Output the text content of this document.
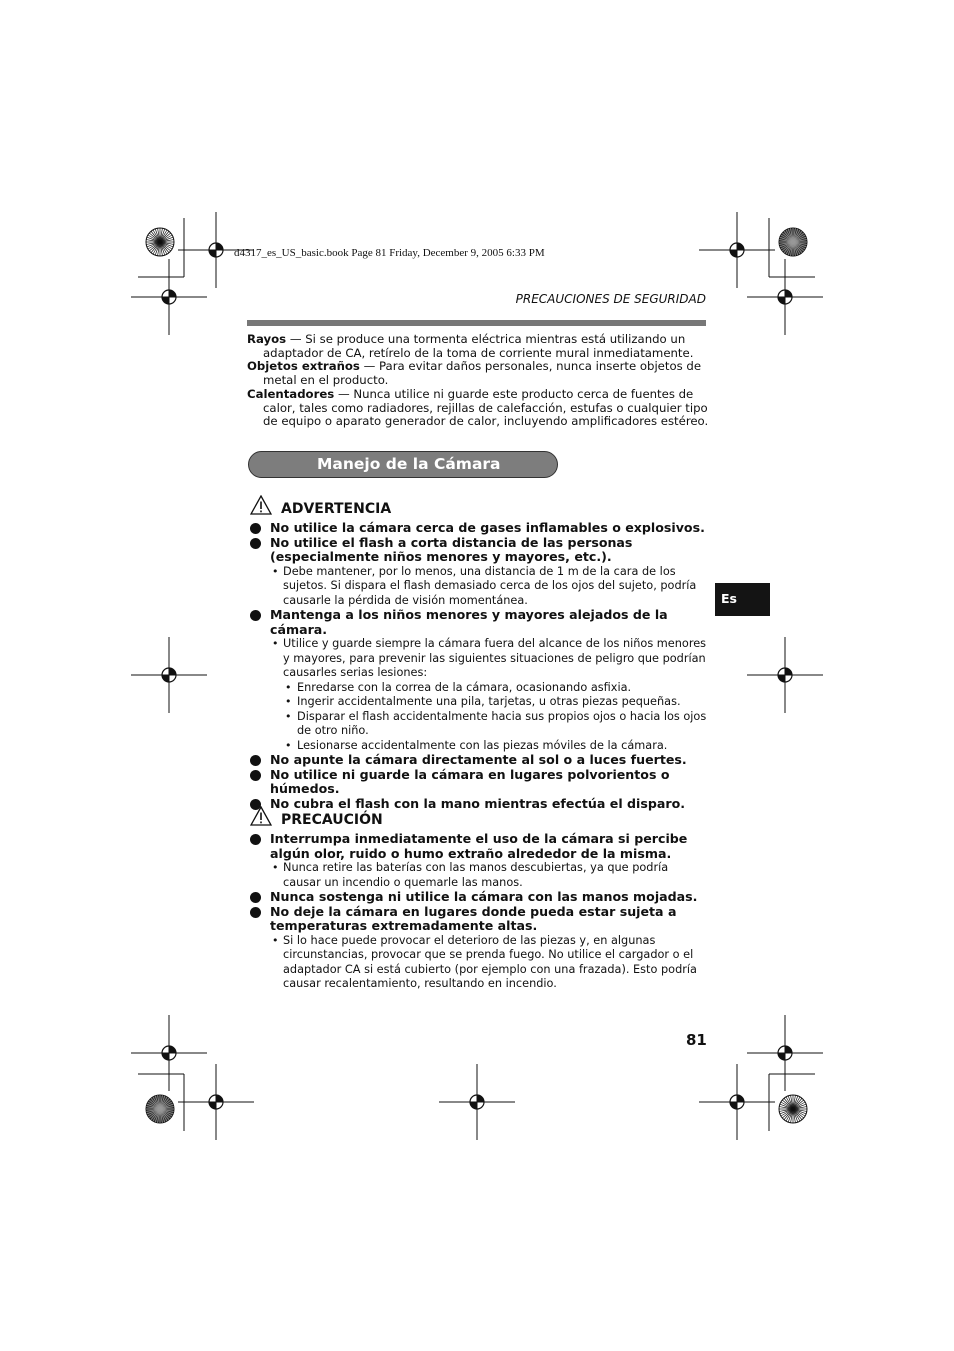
d4317_es_US_basic.book Page 81 Friday, December 9, 2005 6:33 PM
PRECAUCIONES DE SEGURIDAD
Rayos — Si se produce una tormenta eléctrica mientras está utilizando un adaptador de CA, retírelo de la toma de corriente mural inmediatamente.
Objetos extraños — Para evitar daños personales, nunca inserte objetos de metal en el producto.
Calentadores — Nunca utilice ni guarde este producto cerca de fuentes de calor, tales como radiadores, rejillas de calefacción, estufas o cualquier tipo de equipo o aparato generador de calor, incluyendo amplificadores estéreo.
Manejo de la Cámara
ADVERTENCIA
No utilice la cámara cerca de gases inflamables o explosivos.
No utilice el flash a corta distancia de las personas (especialmente niños menores y mayores, etc.).
• Debe mantener, por lo menos, una distancia de 1 m de la cara de los sujetos. Si dispara el flash demasiado cerca de los ojos del sujeto, podría causarle la pérdida de visión momentánea.
Mantenga a los niños menores y mayores alejados de la cámara.
• Utilice y guarde siempre la cámara fuera del alcance de los niños menores y mayores, para prevenir las siguientes situaciones de peligro que podrían causarles serias lesiones:
• Enredarse con la correa de la cámara, ocasionando asfixia.
• Ingerir accidentalmente una pila, tarjetas, u otras piezas pequeñas.
• Disparar el flash accidentalmente hacia sus propios ojos o hacia los ojos de otro niño.
• Lesionarse accidentalmente con las piezas móviles de la cámara.
No apunte la cámara directamente al sol o a luces fuertes.
No utilice ni guarde la cámara en lugares polvorientos o húmedos.
No cubra el flash con la mano mientras efectúa el disparo.
PRECAUCIÓN
Interrumpa inmediatamente el uso de la cámara si percibe algún olor, ruido o humo extraño alrededor de la misma.
• Nunca retire las baterías con las manos descubiertas, ya que podría causar un incendio o quemarle las manos.
Nunca sostenga ni utilice la cámara con las manos mojadas.
No deje la cámara en lugares donde pueda estar sujeta a temperaturas extremadamente altas.
• Si lo hace puede provocar el deterioro de las piezas y, en algunas circunstancias, provocar que se prenda fuego. No utilice el cargador o el adaptador CA si está cubierto (por ejemplo con una frazada). Esto podría causar recalentamiento, resultando en incendio.
Es
81
